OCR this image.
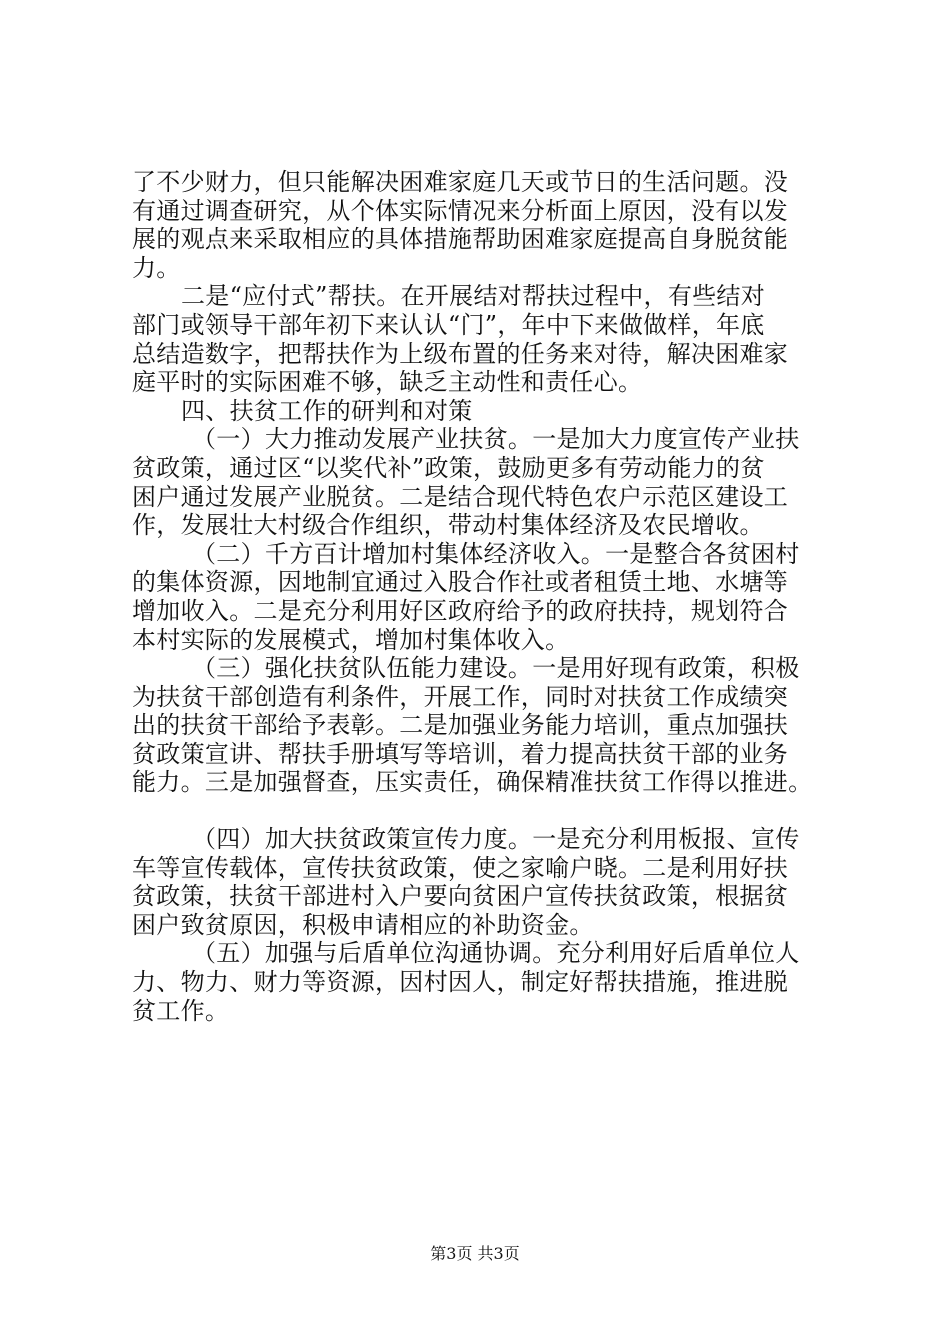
了不少财力，但只能解决困难家庭几天或节日的生活问题。没
有通过调查研究，从个体实际情况来分析面上原因，没有以发
展的观点来采取相应的具体措施帮助困难家庭提高自身脱贫能
力。
二是“应付式”帮扶。在开展结对帮扶过程中，有些结对
部门或领导干部年初下来认认“门”，年中下来做做样，年底
总结造数字，把帮扶作为上级布置的任务来对待，解决困难家
庭平时的实际困难不够，缺乏主动性和责任心。
四、扶贫工作的研判和对策
（一）大力推动发展产业扶贫。一是加大力度宣传产业扶
贫政策，通过区“以奖代补”政策，鼓励更多有劳动能力的贫
困户通过发展产业脱贫。二是结合现代特色农户示范区建设工
作，发展壮大村级合作组织，带动村集体经济及农民增收。
（二）千方百计增加村集体经济收入。一是整合各贫困村
的集体资源，因地制宜通过入股合作社或者租赁土地、水塘等
增加收入。二是充分利用好区政府给予的政府扶持，规划符合
本村实际的发展模式，增加村集体收入。
（三）强化扶贫队伍能力建设。一是用好现有政策，积极
为扶贫干部创造有利条件，开展工作，同时对扶贫工作成绩突
出的扶贫干部给予表彰。二是加强业务能力培训，重点加强扶
贫政策宣讲、帮扶手册填写等培训，着力提高扶贫干部的业务
能力。三是加强督查，压实责任，确保精准扶贫工作得以推进。
（四）加大扶贫政策宣传力度。一是充分利用板报、宣传
车等宣传载体，宣传扶贫政策，使之家喻户晓。二是利用好扶
贫政策，扶贫干部进村入户要向贫困户宣传扶贫政策，根据贫
困户致贫原因，积极申请相应的补助资金。
（五）加强与后盾单位沟通协调。充分利用好后盾单位人
力、物力、财力等资源，因村因人，制定好帮扶措施，推进脱
贫工作。
第3页 共3页
